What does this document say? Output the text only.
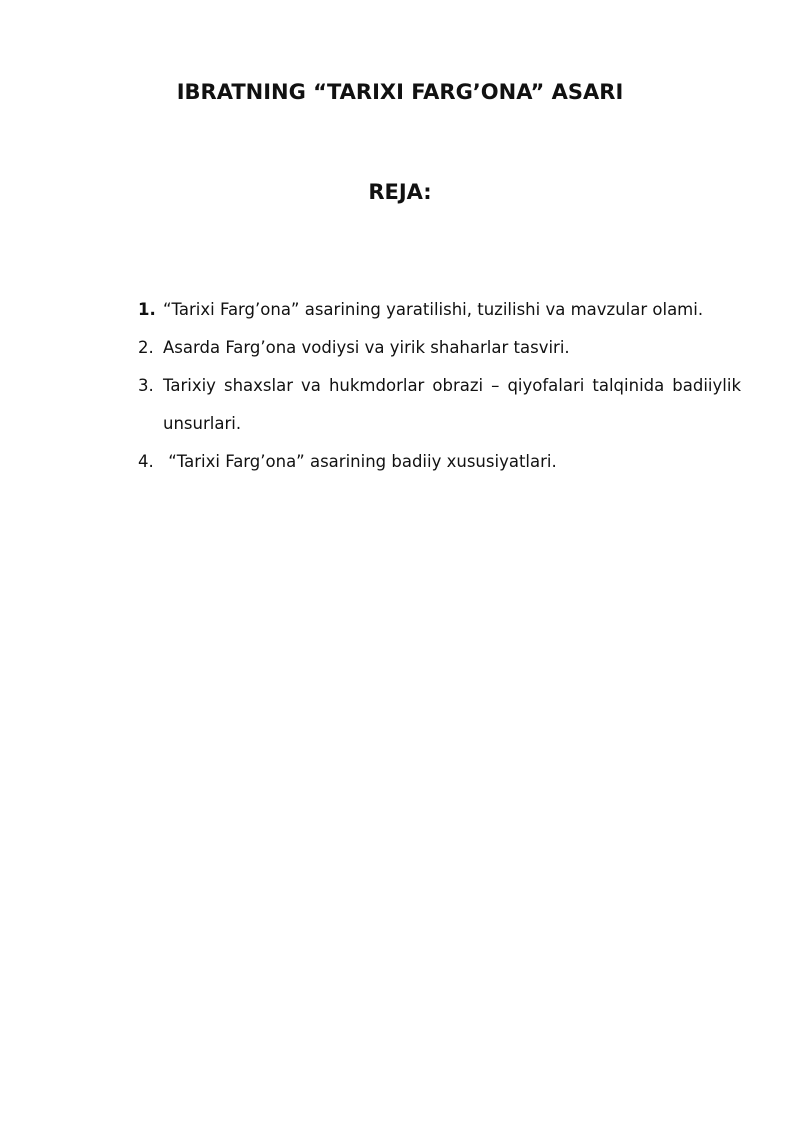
IBRATNING “TARIXI FARG’ONA” ASARI
REJA:
1. “Tarixi Farg’ona” asarining yaratilishi, tuzilishi va mavzular olami.
2. Asarda Farg’ona vodiysi va yirik shaharlar tasviri.
3. Tarixiy shaxslar va hukmdorlar obrazi – qiyofalari talqinida badiiylik unsurlari.
4. “Tarixi Farg’ona” asarining badiiy xususiyatlari.
